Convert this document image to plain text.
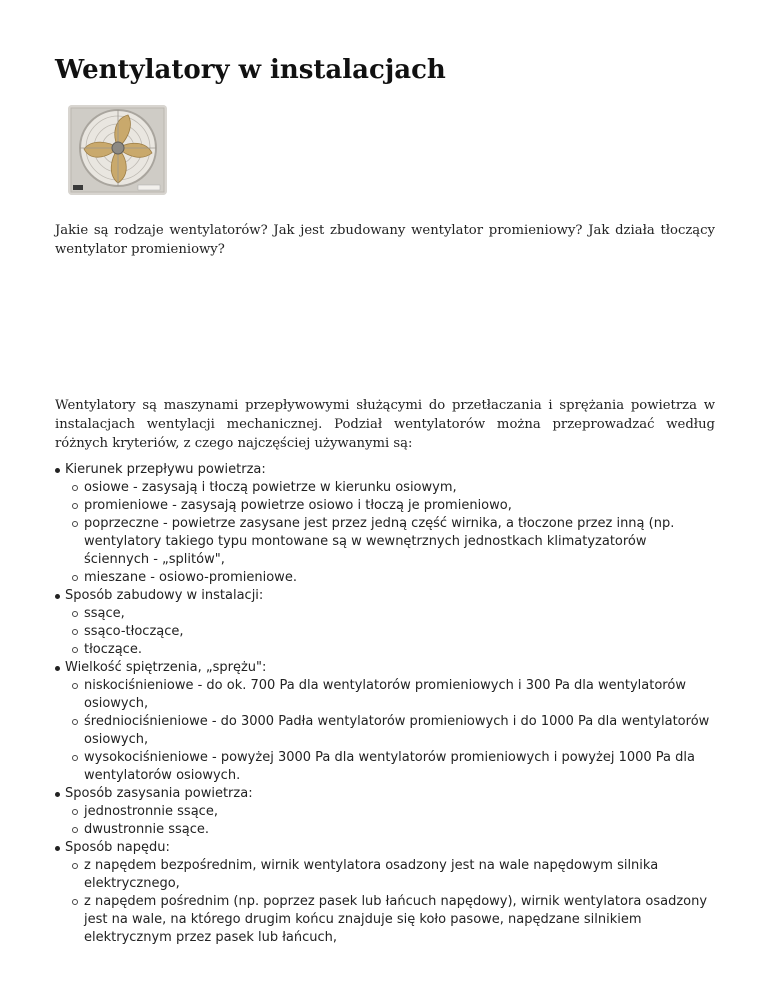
Wentylatory w instalacjach

Jakie są rodzaje wentylatorów? Jak jest zbudowany wentylator promieniowy? Jak działa tłoczący wentylator promieniowy?

Wentylatory są maszynami przepływowymi służącymi do przetłaczania i sprężania powietrza w instalacjach wentylacji mechanicznej. Podział wentylatorów można przeprowadzać według różnych kryteriów, z czego najczęściej używanymi są:

Kierunek przepływu powietrza:
osiowe - zasysają i tłoczą powietrze w kierunku osiowym,
promieniowe - zasysają powietrze osiowo i tłoczą je promieniowo,
poprzeczne - powietrze zasysane jest przez jedną część wirnika, a tłoczone przez inną (np. wentylatory takiego typu montowane są w wewnętrznych jednostkach klimatyzatorów ściennych - „splitów",
mieszane - osiowo-promieniowe.
Sposób zabudowy w instalacji:
ssące,
ssąco-tłoczące,
tłoczące.
Wielkość spiętrzenia, „sprężu":
niskociśnieniowe - do ok. 700 Pa dla wentylatorów promieniowych i 300 Pa dla wentylatorów osiowych,
średniociśnieniowe - do 3000 Padła wentylatorów promieniowych i do 1000 Pa dla wentylatorów osiowych,
wysokociśnieniowe - powyżej 3000 Pa dla wentylatorów promieniowych i powyżej 1000 Pa dla wentylatorów osiowych.
Sposób zasysania powietrza:
jednostronnie ssące,
dwustronnie ssące.
Sposób napędu:
z napędem bezpośrednim, wirnik wentylatora osadzony jest na wale napędowym silnika elektrycznego,
z napędem pośrednim (np. poprzez pasek lub łańcuch napędowy), wirnik wentylatora osadzony jest na wale, na którego drugim końcu znajduje się koło pasowe, napędzane silnikiem elektrycznym przez pasek lub łańcuch,
